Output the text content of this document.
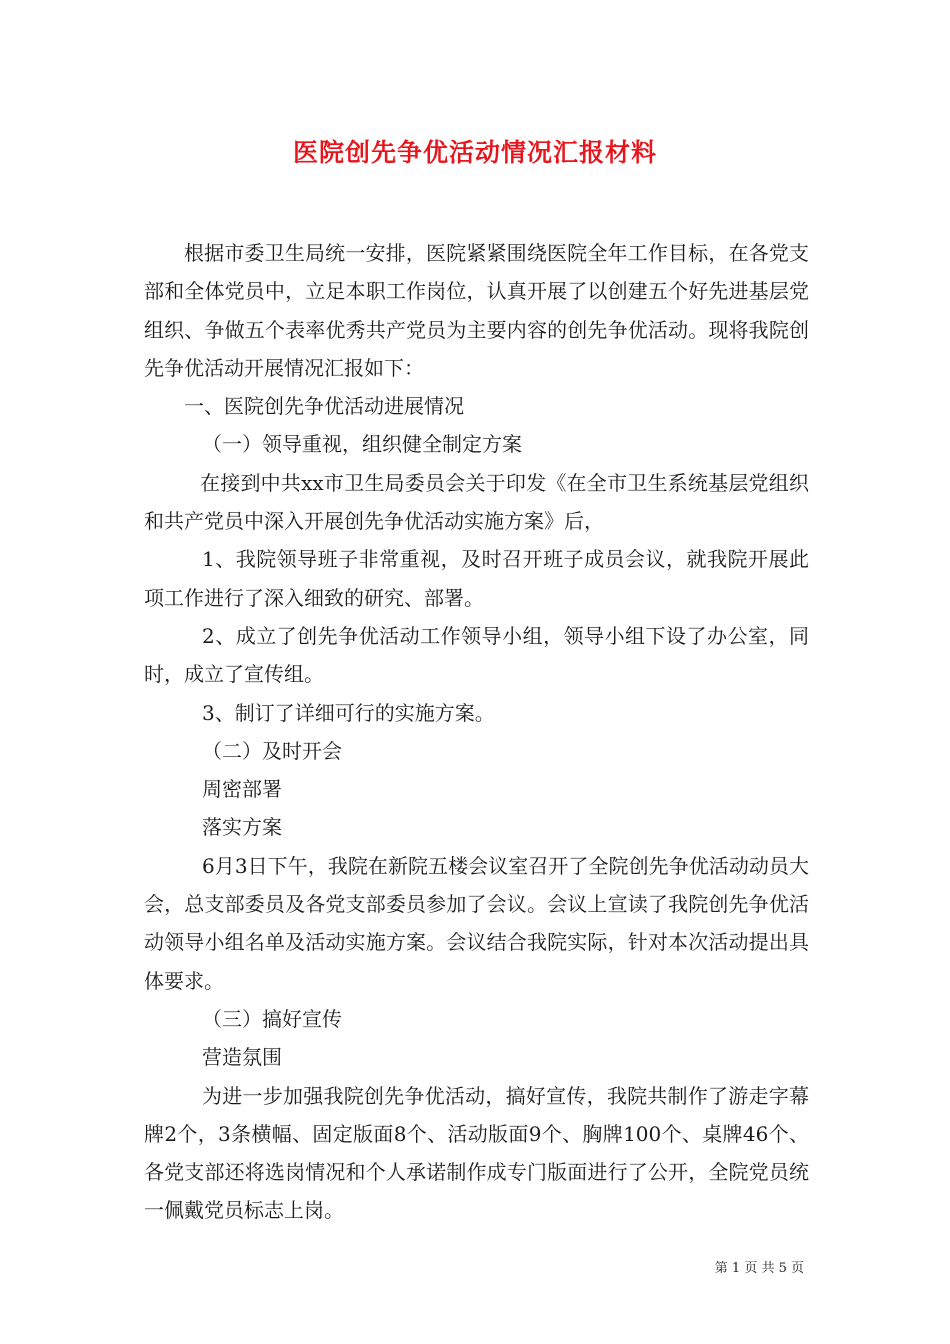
医院创先争优活动情况汇报材料

根据市委卫生局统一安排，医院紧紧围绕医院全年工作目标，在各党支部和全体党员中，立足本职工作岗位，认真开展了以创建五个好先进基层党组织、争做五个表率优秀共产党员为主要内容的创先争优活动。现将我院创先争优活动开展情况汇报如下：

一、医院创先争优活动进展情况

（一）领导重视，组织健全制定方案

在接到中共xx市卫生局委员会关于印发《在全市卫生系统基层党组织和共产党员中深入开展创先争优活动实施方案》后，

1、我院领导班子非常重视，及时召开班子成员会议，就我院开展此项工作进行了深入细致的研究、部署。

2、成立了创先争优活动工作领导小组，领导小组下设了办公室，同时，成立了宣传组。

3、制订了详细可行的实施方案。

（二）及时开会

周密部署

落实方案

6月3日下午，我院在新院五楼会议室召开了全院创先争优活动动员大会，总支部委员及各党支部委员参加了会议。会议上宣读了我院创先争优活动领导小组名单及活动实施方案。会议结合我院实际，针对本次活动提出具体要求。

（三）搞好宣传

营造氛围

为进一步加强我院创先争优活动，搞好宣传，我院共制作了游走字幕牌2个，3条横幅、固定版面8个、活动版面9个、胸牌100个、桌牌46个、各党支部还将选岗情况和个人承诺制作成专门版面进行了公开，全院党员统一佩戴党员标志上岗。

第 1 页 共 5 页
